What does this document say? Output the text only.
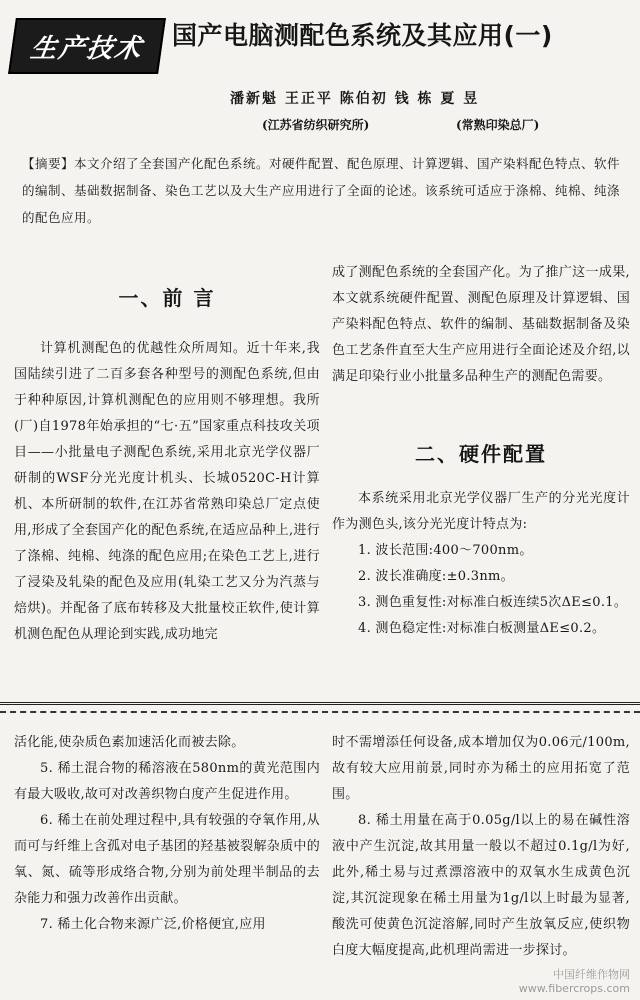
生产技术	国产电脑测配色系统及其应用(一)
潘新魁 王正平 陈伯初 钱 栋 夏 昱
(江苏省纺织研究所)	(常熟印染总厂)
【摘要】本文介绍了全套国产化配色系统。对硬件配置、配色原理、计算逻辑、国产染料配色特点、软件的编制、基础数据制备、染色工艺以及大生产应用进行了全面的论述。该系统可适应于涤棉、纯棉、纯涤的配色应用。
一、前 言

计算机测配色的优越性众所周知。近十年来,我国陆续引进了二百多套各种型号的测配色系统,但由于种种原因,计算机测配色的应用则不够理想。我所(厂)自1978年始承担的“七·五”国家重点科技攻关项目——小批量电子测配色系统,采用北京光学仪器厂研制的WSF分光光度计机头、长城0520C-H计算机、本所研制的软件,在江苏省常熟印染总厂定点使用,形成了全套国产化的配色系统,在适应品种上,进行了涤棉、纯棉、纯涤的配色应用;在染色工艺上,进行了浸染及轧染的配色及应用(轧染工艺又分为汽蒸与焙烘)。并配备了底布转移及大批量校正软件,使计算机测色配色从理论到实践,成功地完

成了测配色系统的全套国产化。为了推广这一成果,本文就系统硬件配置、测配色原理及计算逻辑、国产染料配色特点、软件的编制、基础数据制备及染色工艺条件直至大生产应用进行全面论述及介绍,以满足印染行业小批量多品种生产的测配色需要。

二、硬件配置

本系统采用北京光学仪器厂生产的分光光度计作为测色头,该分光光度计特点为:

1. 波长范围:400～700nm。

2. 波长准确度:±0.3nm。

3. 测色重复性:对标准白板连续5次ΔE≤0.1。

4. 测色稳定性:对标准白板测量ΔE≤0.2。

活化能,使杂质色素加速活化而被去除。

5. 稀土混合物的稀溶液在580nm的黄光范围内有最大吸收,故可对改善织物白度产生促进作用。

6. 稀土在前处理过程中,具有较强的夺氧作用,从而可与纤维上含孤对电子基团的羟基被裂解杂质中的氧、氮、硫等形成络合物,分别为前处理半制品的去杂能力和强力改善作出贡献。

7. 稀土化合物来源广泛,价格便宜,应用

时不需增添任何设备,成本增加仅为0.06元/100m,故有较大应用前景,同时亦为稀土的应用拓宽了范围。

8. 稀土用量在高于0.05g/l以上的易在碱性溶液中产生沉淀,故其用量一般以不超过0.1g/l为好,此外,稀土易与过煮漂溶液中的双氧水生成黄色沉淀,其沉淀现象在稀土用量为1g/l以上时最为显著,酸洗可使黄色沉淀溶解,同时产生放氧反应,使织物白度大幅度提高,此机理尚需进一步探讨。

中国纤维作物网
www.fibercrops.com
